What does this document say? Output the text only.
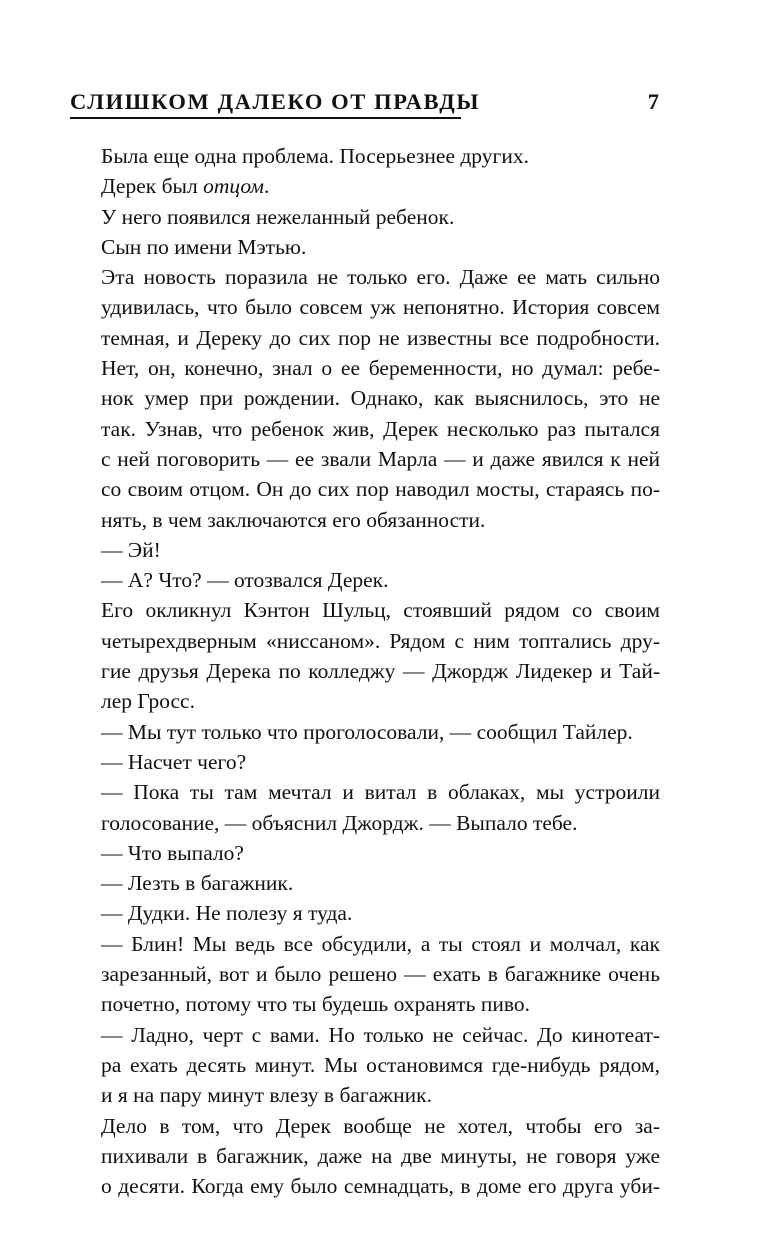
СЛИШКОМ ДАЛЕКО ОТ ПРАВДЫ	7

Была еще одна проблема. Посерьезнее других.

Дерек был отцом.

У него появился нежеланный ребенок.

Сын по имени Мэтью.

Эта новость поразила не только его. Даже ее мать сильно
удивилась, что было совсем уж непонятно. История совсем
темная, и Дереку до сих пор не известны все подробности.
Нет, он, конечно, знал о ее беременности, но думал: ребе-
нок умер при рождении. Однако, как выяснилось, это не
так. Узнав, что ребенок жив, Дерек несколько раз пытался
с ней поговорить — ее звали Марла — и даже явился к ней
со своим отцом. Он до сих пор наводил мосты, стараясь по-
нять, в чем заключаются его обязанности.

— Эй!

— А? Что? — отозвался Дерек.

Его окликнул Кэнтон Шульц, стоявший рядом со своим
четырехдверным «ниссаном». Рядом с ним топтались дру-
гие друзья Дерека по колледжу — Джордж Лидекер и Тай-
лер Гросс.

— Мы тут только что проголосовали, — сообщил Тайлер.

— Насчет чего?

— Пока ты там мечтал и витал в облаках, мы устроили
голосование, — объяснил Джордж. — Выпало тебе.

— Что выпало?

— Лезть в багажник.

— Дудки. Не полезу я туда.

— Блин! Мы ведь все обсудили, а ты стоял и молчал, как
зарезанный, вот и было решено — ехать в багажнике очень
почетно, потому что ты будешь охранять пиво.

— Ладно, черт с вами. Но только не сейчас. До кинотеат-
ра ехать десять минут. Мы остановимся где-нибудь рядом,
и я на пару минут влезу в багажник.

Дело в том, что Дерек вообще не хотел, чтобы его за-
пихивали в багажник, даже на две минуты, не говоря уже
о десяти. Когда ему было семнадцать, в доме его друга уби-
